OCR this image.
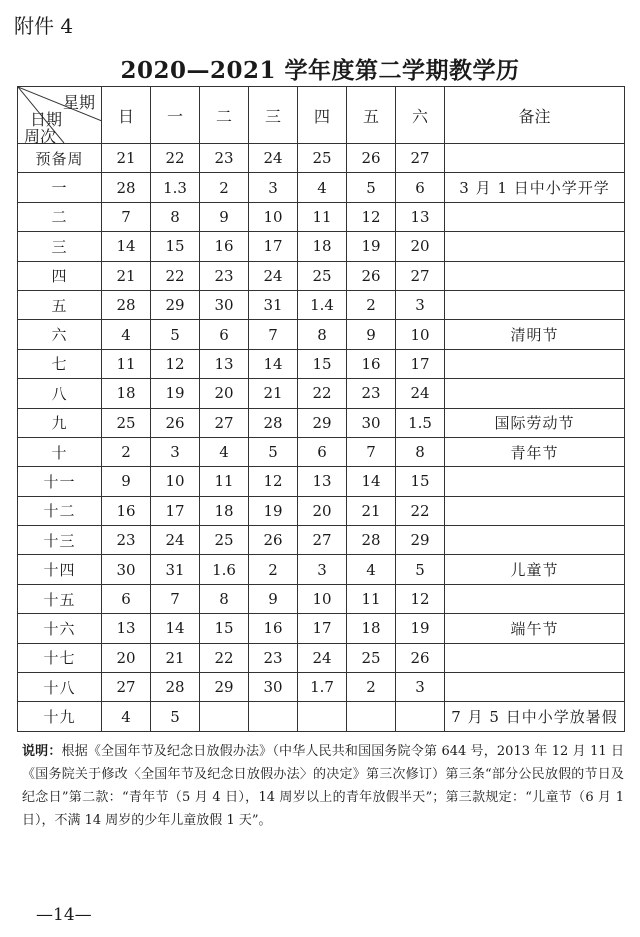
附件 4
2020—2021 学年度第二学期教学历
星期
日期
周次	日	一	二	三	四	五	六	备注
预备周	21	22	23	24	25	26	27	
一	28	1.3	2	3	4	5	6	3 月 1 日中小学开学
二	7	8	9	10	11	12	13	
三	14	15	16	17	18	19	20	
四	21	22	23	24	25	26	27	
五	28	29	30	31	1.4	2	3	
六	4	5	6	7	8	9	10	清明节
七	11	12	13	14	15	16	17	
八	18	19	20	21	22	23	24	
九	25	26	27	28	29	30	1.5	国际劳动节
十	2	3	4	5	6	7	8	青年节
十一	9	10	11	12	13	14	15	
十二	16	17	18	19	20	21	22	
十三	23	24	25	26	27	28	29	
十四	30	31	1.6	2	3	4	5	儿童节
十五	6	7	8	9	10	11	12	
十六	13	14	15	16	17	18	19	端午节
十七	20	21	22	23	24	25	26	
十八	27	28	29	30	1.7	2	3	
十九	4	5						7 月 5 日中小学放暑假
说明：根据《全国年节及纪念日放假办法》（中华人民共和国国务院令第 644 号，2013 年 12 月 11 日《国务院关于修改〈全国年节及纪念日放假办法〉的决定》第三次修订）第三条“部分公民放假的节日及纪念日”第二款：“青年节（5 月 4 日），14 周岁以上的青年放假半天”；第三款规定：“儿童节（6 月 1 日），不满 14 周岁的少年儿童放假 1 天”。
—14—
